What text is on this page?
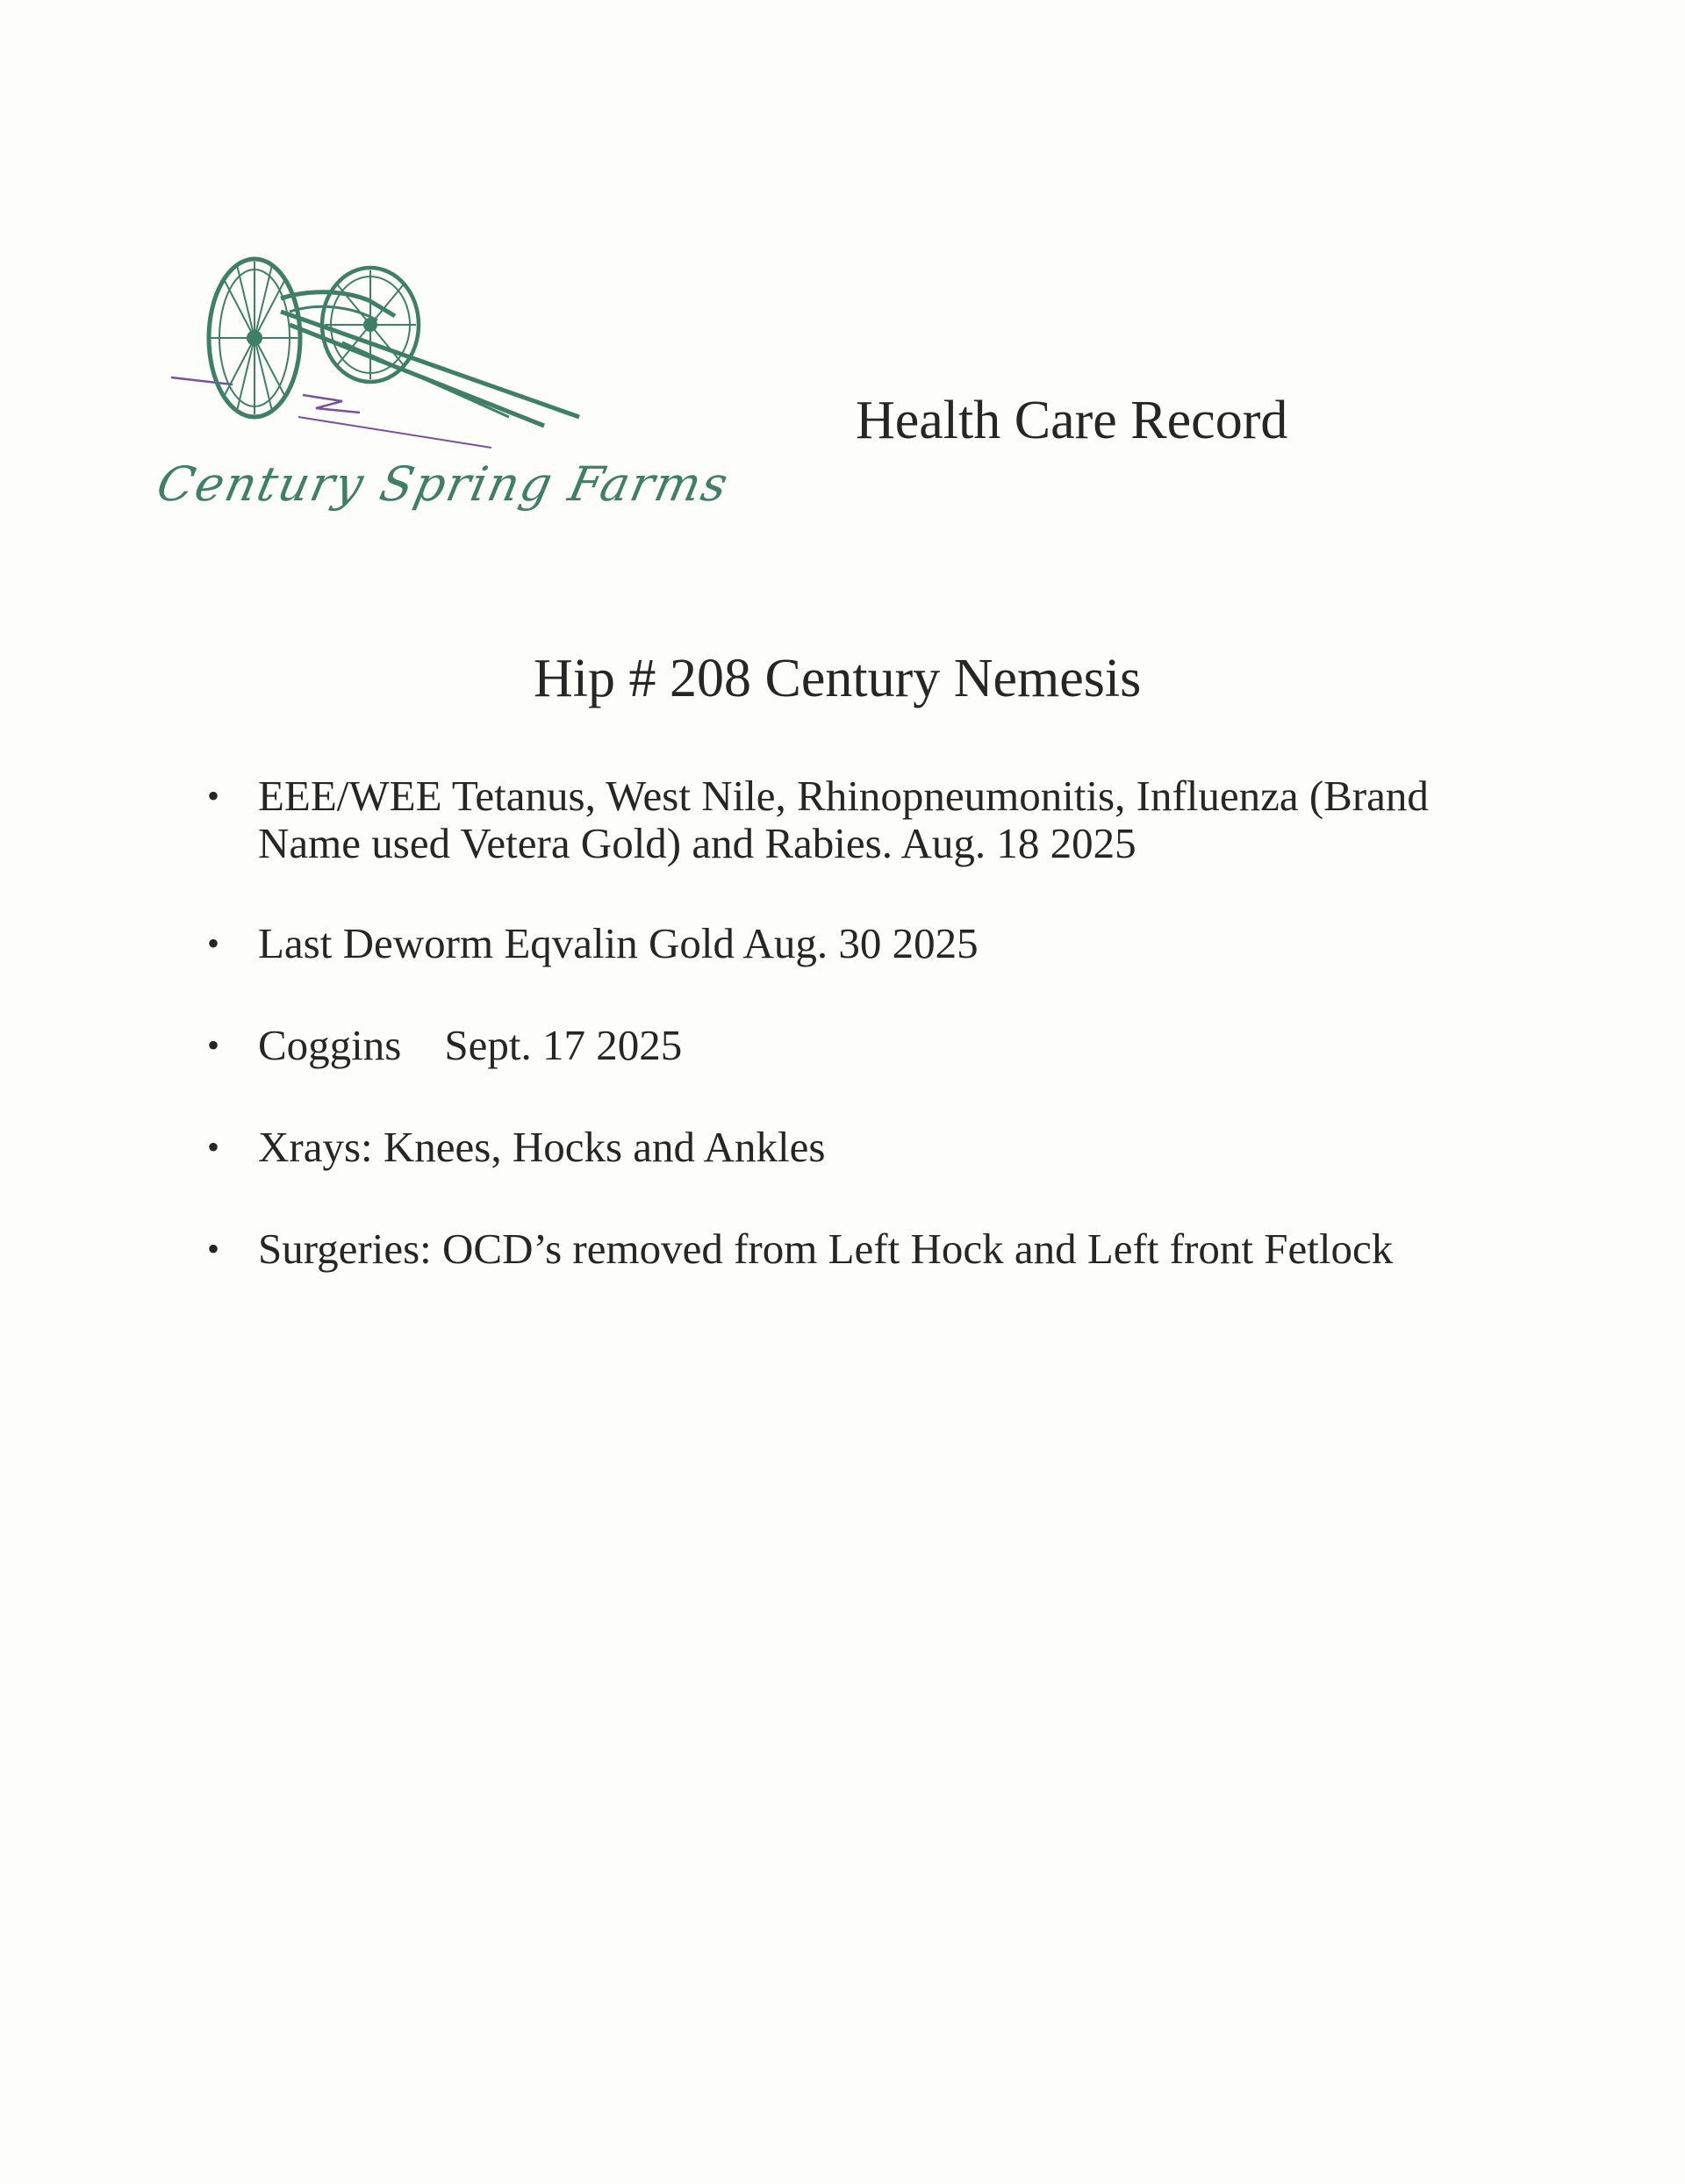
Century Spring Farms
Health Care Record
Hip # 208 Century Nemesis
• EEE/WEE Tetanus, West Nile, Rhinopneumonitis, Influenza (Brand Name used Vetera Gold) and Rabies. Aug. 18 2025
• Last Deworm Eqvalin Gold Aug. 30 2025
• Coggins    Sept. 17 2025
• Xrays: Knees, Hocks and Ankles
• Surgeries: OCD’s removed from Left Hock and Left front Fetlock
